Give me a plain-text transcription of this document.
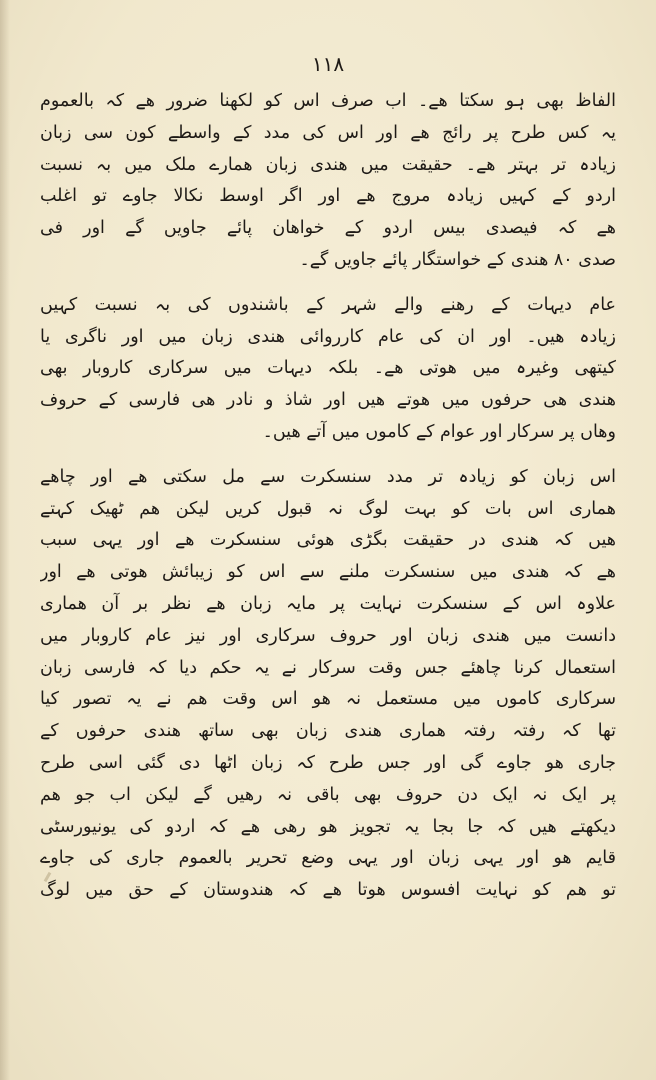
۱۱۸
الفاظ بھی ہو سکتا ھے۔ اب صرف اس کو لکھنا ضرور ھے کہ بالعموم
یہ کس طرح پر رائج ھے اور اس کی مدد کے واسطے کون سی زبان
زیادہ تر بہتر ھے۔ حقیقت میں ھندی زبان ھمارے ملک میں بہ نسبت
اردو کے کہیں زیادہ مروج ھے اور اگر اوسط نکالا جاوے تو اغلب
ھے کہ فیصدی بیس اردو کے خواھان پائے جاویں گے اور فی
صدی ۸۰ ھندی کے خواستگار پائے جاویں گے۔
عام دیہات کے رھنے والے شہر کے باشندوں کی بہ نسبت کہیں
زیادہ ھیں۔ اور ان کی عام کارروائی ھندی زبان میں اور ناگری یا
کیتھی وغیرہ میں ھوتی ھے۔ بلکہ دیہات میں سرکاری کاروبار بھی
ھندی ھی حرفوں میں ھوتے ھیں اور شاذ و نادر ھی فارسی کے حروف
وھاں پر سرکار اور عوام کے کاموں میں آتے ھیں۔
اس زبان کو زیادہ تر مدد سنسکرت سے مل سکتی ھے اور چاھے
ھماری اس بات کو بہت لوگ نہ قبول کریں لیکن ھم ٹھیک کہتے
ھیں کہ ھندی در حقیقت بگڑی ھوئی سنسکرت ھے اور یہی سبب
ھے کہ ھندی میں سنسکرت ملنے سے اس کو زیبائش ھوتی ھے اور
علاوہ اس کے سنسکرت نہایت پر مایہ زبان ھے نظر بر آن ھماری
دانست میں ھندی زبان اور حروف سرکاری اور نیز عام کاروبار میں
استعمال کرنا چاھئے جس وقت سرکار نے یہ حکم دیا کہ فارسی زبان
سرکاری کاموں میں مستعمل نہ ھو اس وقت ھم نے یہ تصور کیا
تھا کہ رفتہ رفتہ ھماری ھندی زبان بھی ساتھ ھندی حرفوں کے
جاری ھو جاوے گی اور جس طرح کہ زبان اٹھا دی گئی اسی طرح
پر ایک نہ ایک دن حروف بھی باقی نہ رھیں گے لیکن اب جو ھم
دیکھتے ھیں کہ جا بجا یہ تجویز ھو رھی ھے کہ اردو کی یونیورسٹی
قایم ھو اور یہی زبان اور یہی وضع تحریر بالعموم جاری کی جاوے
تو ھم کو نہایت افسوس ھوتا ھے کہ ھندوستان کے حق میں لوگ
